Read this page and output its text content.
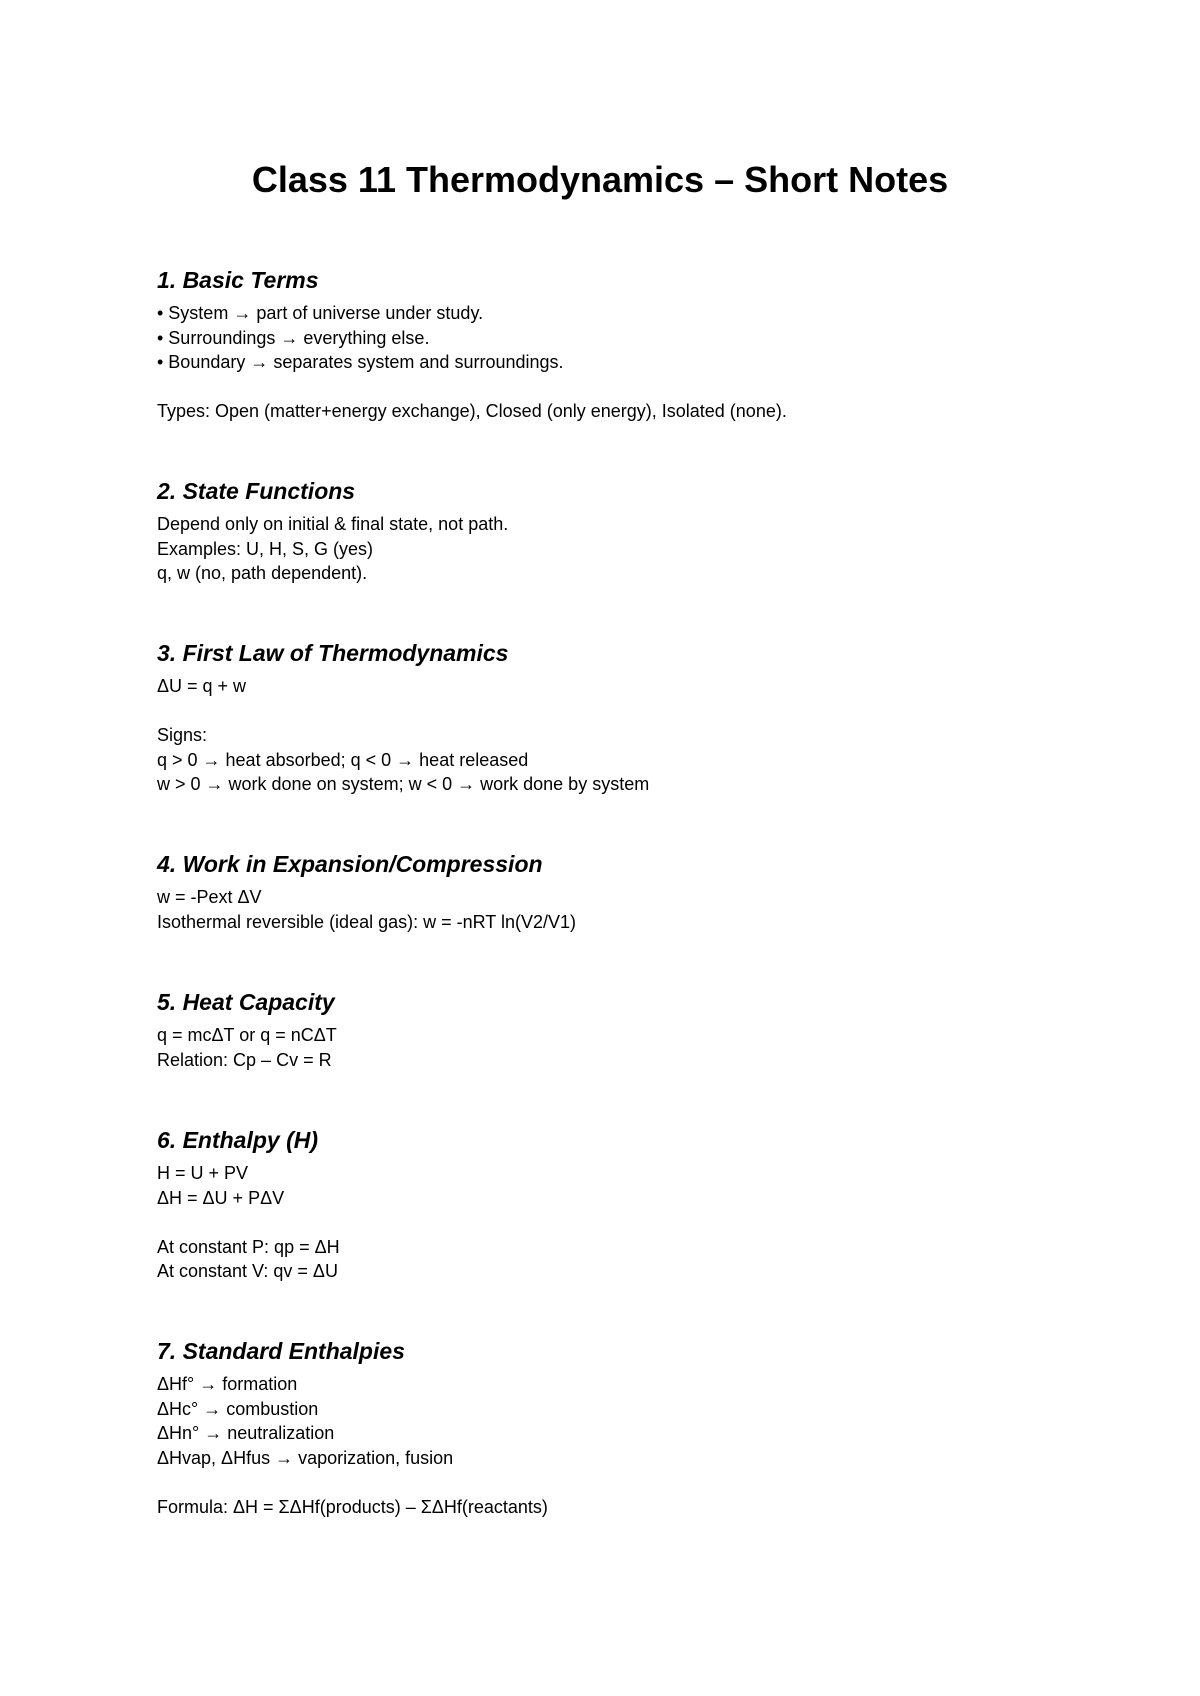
Class 11 Thermodynamics – Short Notes
1. Basic Terms
• System → part of universe under study.
• Surroundings → everything else.
• Boundary → separates system and surroundings.
Types: Open (matter+energy exchange), Closed (only energy), Isolated (none).
2. State Functions
Depend only on initial & final state, not path.
Examples: U, H, S, G (yes)
q, w (no, path dependent).
3. First Law of Thermodynamics
ΔU = q + w
Signs:
q > 0 → heat absorbed; q < 0 → heat released
w > 0 → work done on system; w < 0 → work done by system
4. Work in Expansion/Compression
w = -Pext ΔV
Isothermal reversible (ideal gas): w = -nRT ln(V2/V1)
5. Heat Capacity
q = mcΔT or q = nCΔT
Relation: Cp – Cv = R
6. Enthalpy (H)
H = U + PV
ΔH = ΔU + PΔV
At constant P: qp = ΔH
At constant V: qv = ΔU
7. Standard Enthalpies
ΔHf° → formation
ΔHc° → combustion
ΔHn° → neutralization
ΔHvap, ΔHfus → vaporization, fusion
Formula: ΔH = ΣΔHf(products) – ΣΔHf(reactants)
